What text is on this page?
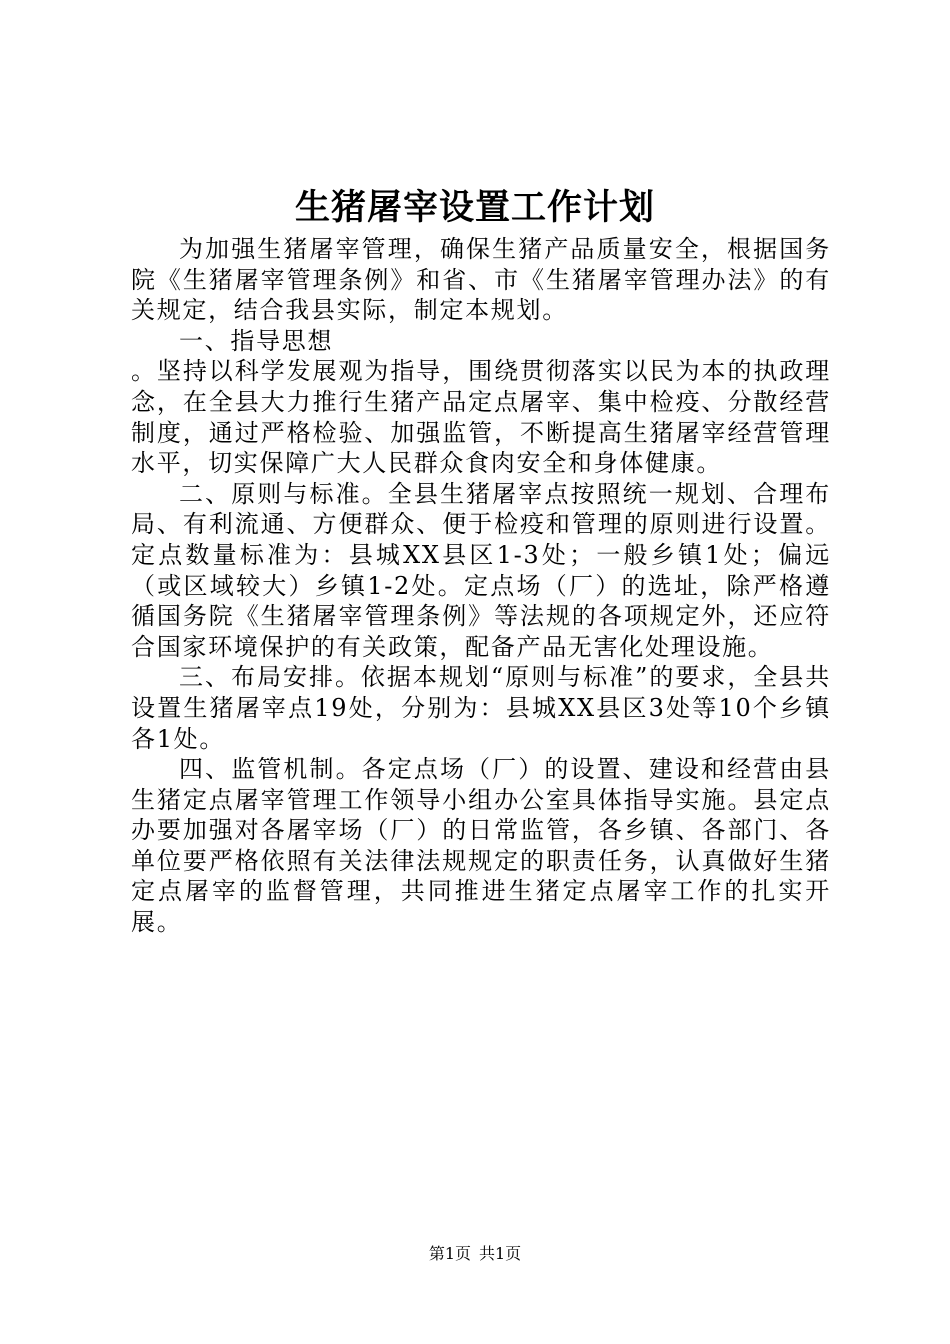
生猪屠宰设置工作计划

为加强生猪屠宰管理，确保生猪产品质量安全，根据国务院《生猪屠宰管理条例》和省、市《生猪屠宰管理办法》的有关规定，结合我县实际，制定本规划。

一、指导思想

。坚持以科学发展观为指导，围绕贯彻落实以民为本的执政理念，在全县大力推行生猪产品定点屠宰、集中检疫、分散经营制度，通过严格检验、加强监管，不断提高生猪屠宰经营管理水平，切实保障广大人民群众食肉安全和身体健康。

二、原则与标准。全县生猪屠宰点按照统一规划、合理布局、有利流通、方便群众、便于检疫和管理的原则进行设置。定点数量标准为：县城XX县区1-3处；一般乡镇1处；偏远（或区域较大）乡镇1-2处。定点场（厂）的选址，除严格遵循国务院《生猪屠宰管理条例》等法规的各项规定外，还应符合国家环境保护的有关政策，配备产品无害化处理设施。

三、布局安排。依据本规划“原则与标准”的要求，全县共设置生猪屠宰点19处，分别为：县城XX县区3处等10个乡镇各1处。

四、监管机制。各定点场（厂）的设置、建设和经营由县生猪定点屠宰管理工作领导小组办公室具体指导实施。县定点办要加强对各屠宰场（厂）的日常监管，各乡镇、各部门、各单位要严格依照有关法律法规规定的职责任务，认真做好生猪定点屠宰的监督管理，共同推进生猪定点屠宰工作的扎实开展。

第1页 共1页
